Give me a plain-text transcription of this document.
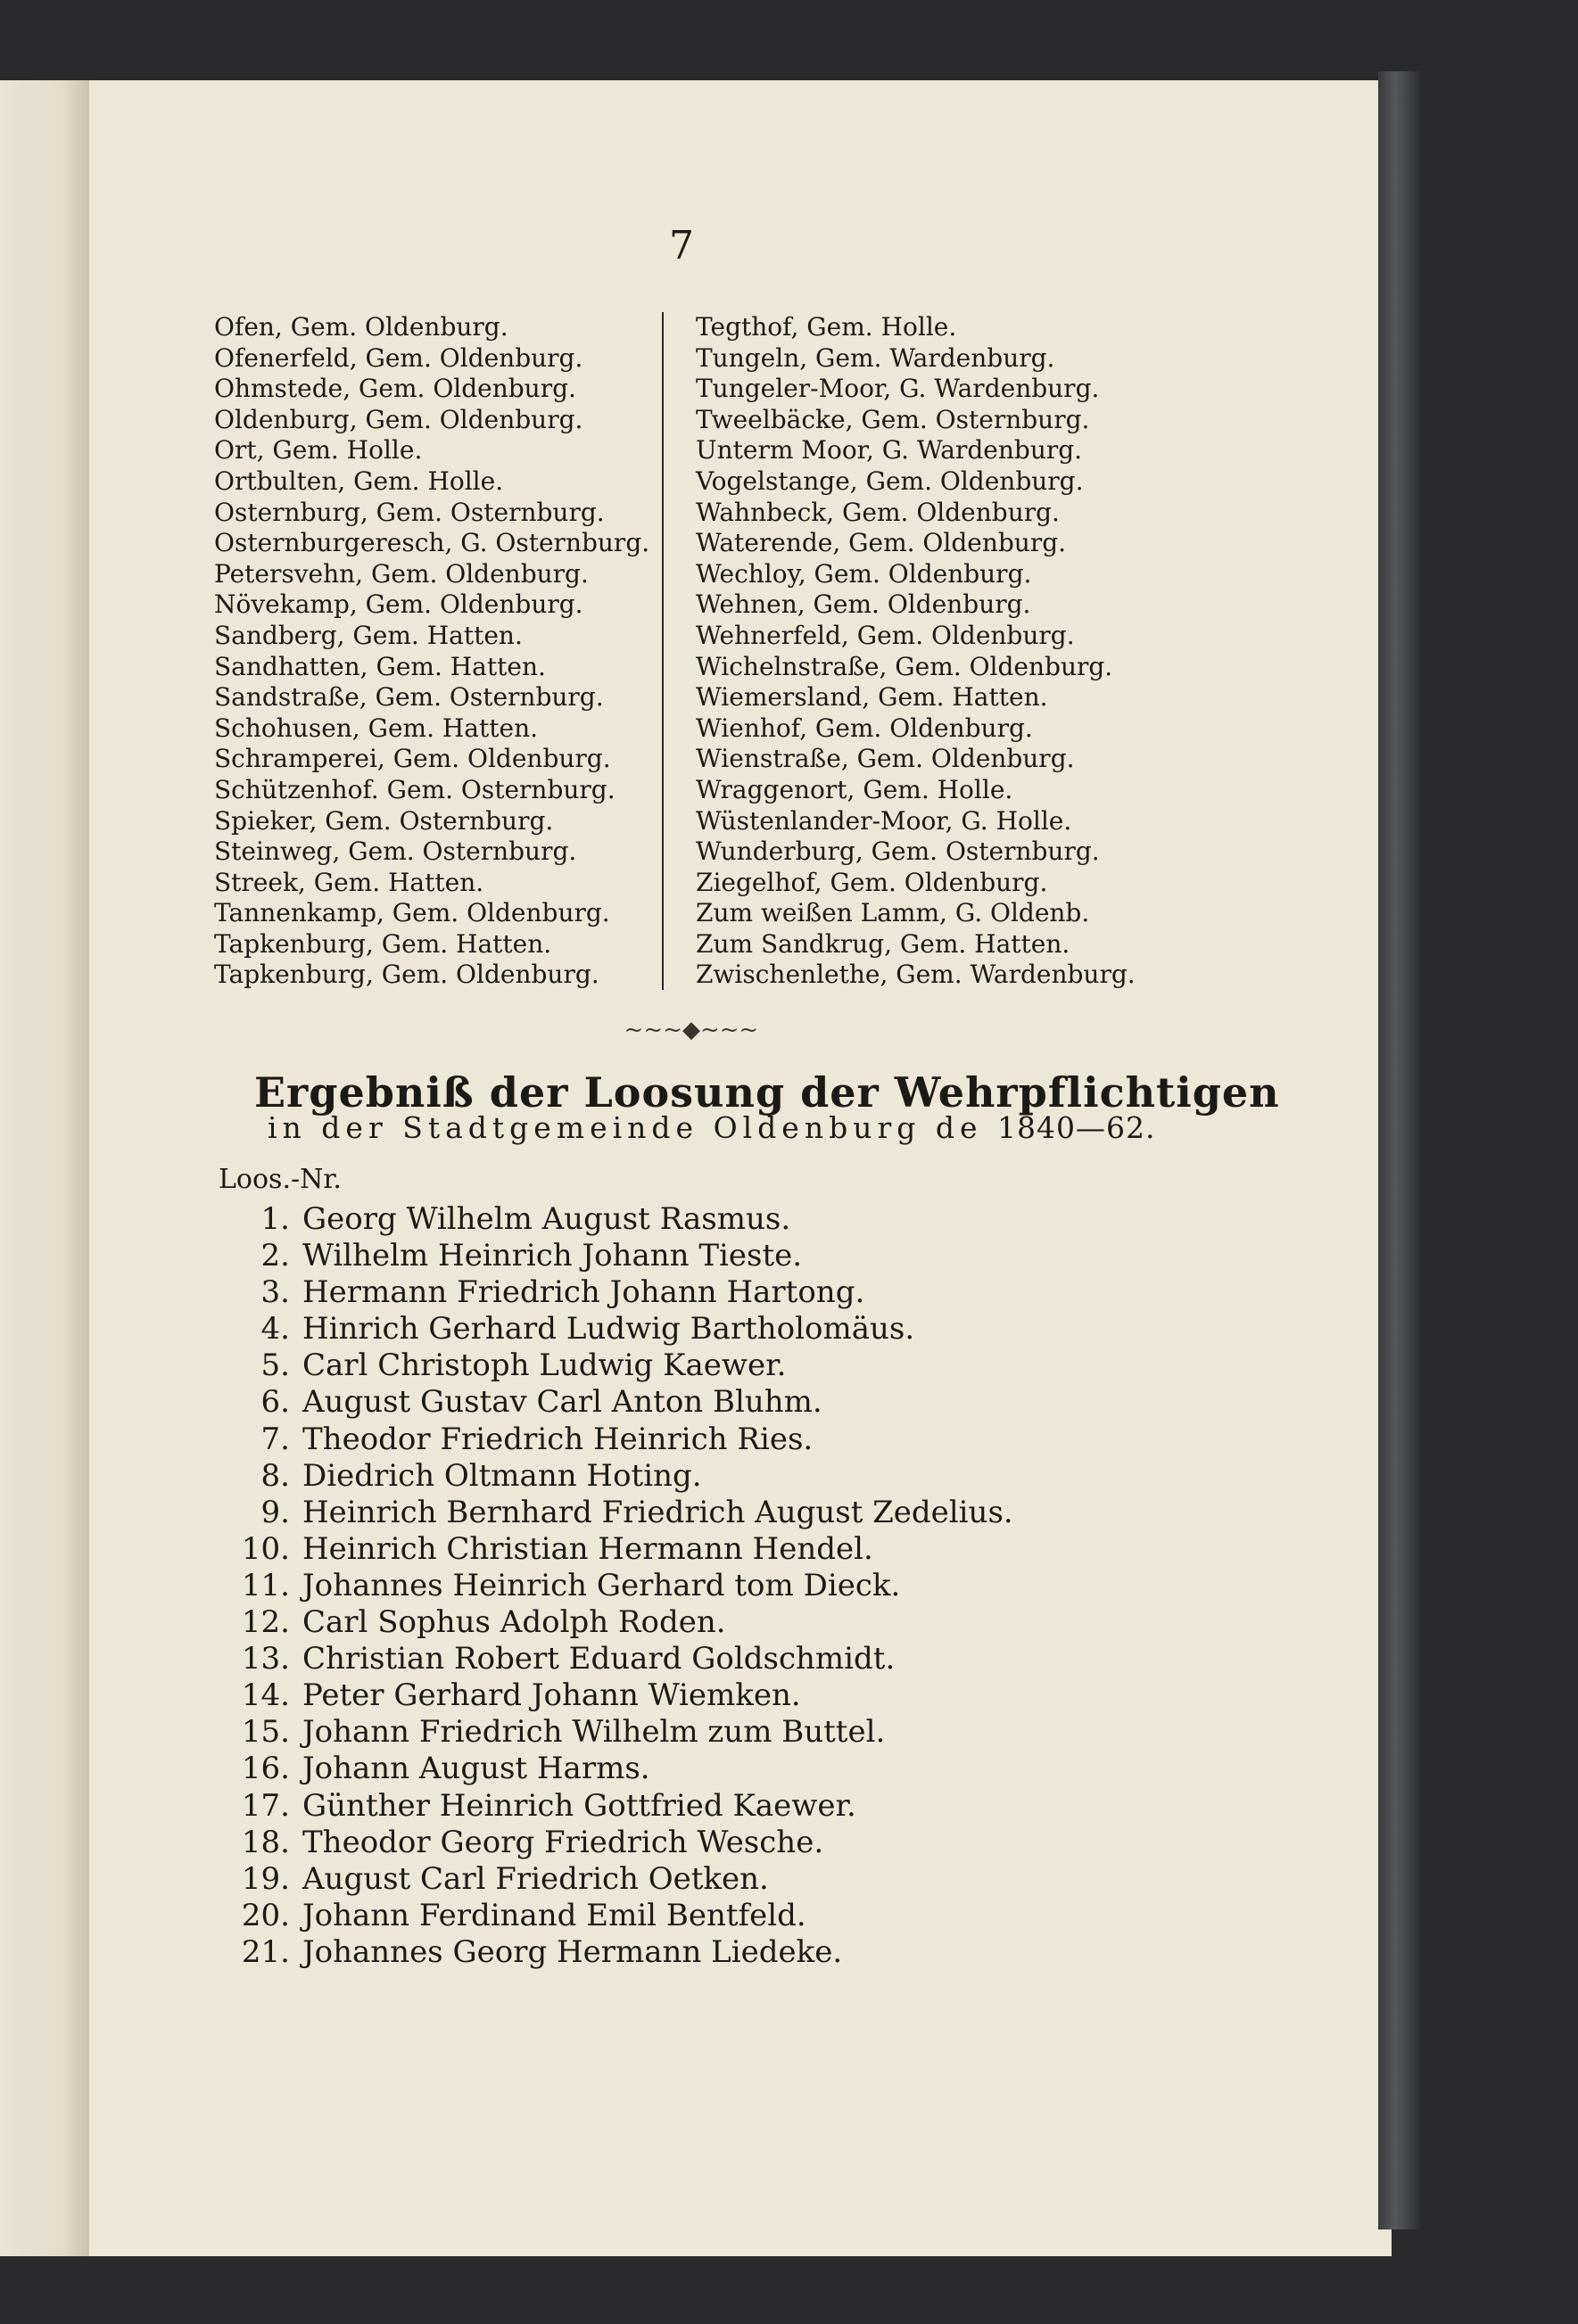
7
Ofen, Gem. Oldenburg.
Ofenerfeld, Gem. Oldenburg.
Ohmstede, Gem. Oldenburg.
Oldenburg, Gem. Oldenburg.
Ort, Gem. Holle.
Ortbulten, Gem. Holle.
Osternburg, Gem. Osternburg.
Osternburgeresch, G. Osternburg.
Petersvehn, Gem. Oldenburg.
Növekamp, Gem. Oldenburg.
Sandberg, Gem. Hatten.
Sandhatten, Gem. Hatten.
Sandstraße, Gem. Osternburg.
Schohusen, Gem. Hatten.
Schramperei, Gem. Oldenburg.
Schützenhof. Gem. Osternburg.
Spieker, Gem. Osternburg.
Steinweg, Gem. Osternburg.
Streek, Gem. Hatten.
Tannenkamp, Gem. Oldenburg.
Tapkenburg, Gem. Hatten.
Tapkenburg, Gem. Oldenburg.
Tegthof, Gem. Holle.
Tungeln, Gem. Wardenburg.
Tungeler-Moor, G. Wardenburg.
Tweelbäcke, Gem. Osternburg.
Unterm Moor, G. Wardenburg.
Vogelstange, Gem. Oldenburg.
Wahnbeck, Gem. Oldenburg.
Waterende, Gem. Oldenburg.
Wechloy, Gem. Oldenburg.
Wehnen, Gem. Oldenburg.
Wehnerfeld, Gem. Oldenburg.
Wichelnstraße, Gem. Oldenburg.
Wiemersland, Gem. Hatten.
Wienhof, Gem. Oldenburg.
Wienstraße, Gem. Oldenburg.
Wraggenort, Gem. Holle.
Wüstenlander-Moor, G. Holle.
Wunderburg, Gem. Osternburg.
Ziegelhof, Gem. Oldenburg.
Zum weißen Lamm, G. Oldenb.
Zum Sandkrug, Gem. Hatten.
Zwischenlethe, Gem. Wardenburg.
~~~◆~~~
Ergebniß der Loosung der Wehrpflichtigen
in der Stadtgemeinde Oldenburg de 1840—62.
Loos.-Nr.
1. Georg Wilhelm August Rasmus.
2. Wilhelm Heinrich Johann Tieste.
3. Hermann Friedrich Johann Hartong.
4. Hinrich Gerhard Ludwig Bartholomäus.
5. Carl Christoph Ludwig Kaewer.
6. August Gustav Carl Anton Bluhm.
7. Theodor Friedrich Heinrich Ries.
8. Diedrich Oltmann Hoting.
9. Heinrich Bernhard Friedrich August Zedelius.
10. Heinrich Christian Hermann Hendel.
11. Johannes Heinrich Gerhard tom Dieck.
12. Carl Sophus Adolph Roden.
13. Christian Robert Eduard Goldschmidt.
14. Peter Gerhard Johann Wiemken.
15. Johann Friedrich Wilhelm zum Buttel.
16. Johann August Harms.
17. Günther Heinrich Gottfried Kaewer.
18. Theodor Georg Friedrich Wesche.
19. August Carl Friedrich Oetken.
20. Johann Ferdinand Emil Bentfeld.
21. Johannes Georg Hermann Liedeke.
